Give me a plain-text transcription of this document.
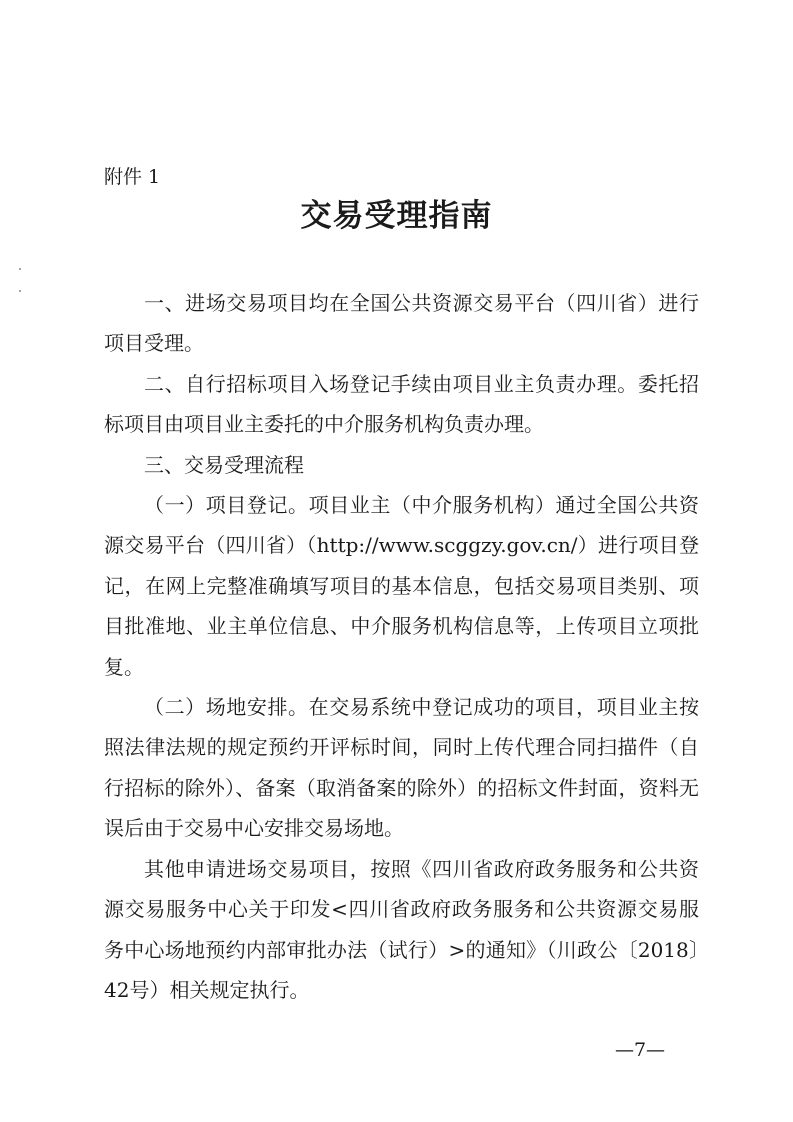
附件 1
交易受理指南

一、进场交易项目均在全国公共资源交易平台（四川省）进行项目受理。

二、自行招标项目入场登记手续由项目业主负责办理。委托招标项目由项目业主委托的中介服务机构负责办理。

三、交易受理流程

（一）项目登记。项目业主（中介服务机构）通过全国公共资源交易平台（四川省）（http://www.scggzy.gov.cn/）进行项目登记，在网上完整准确填写项目的基本信息，包括交易项目类别、项目批准地、业主单位信息、中介服务机构信息等，上传项目立项批复。

（二）场地安排。在交易系统中登记成功的项目，项目业主按照法律法规的规定预约开评标时间，同时上传代理合同扫描件（自行招标的除外）、备案（取消备案的除外）的招标文件封面，资料无误后由于交易中心安排交易场地。

其他申请进场交易项目，按照《四川省政府政务服务和公共资源交易服务中心关于印发<四川省政府政务服务和公共资源交易服务中心场地预约内部审批办法（试行）>的通知》（川政公〔2018〕42号）相关规定执行。

—7—
